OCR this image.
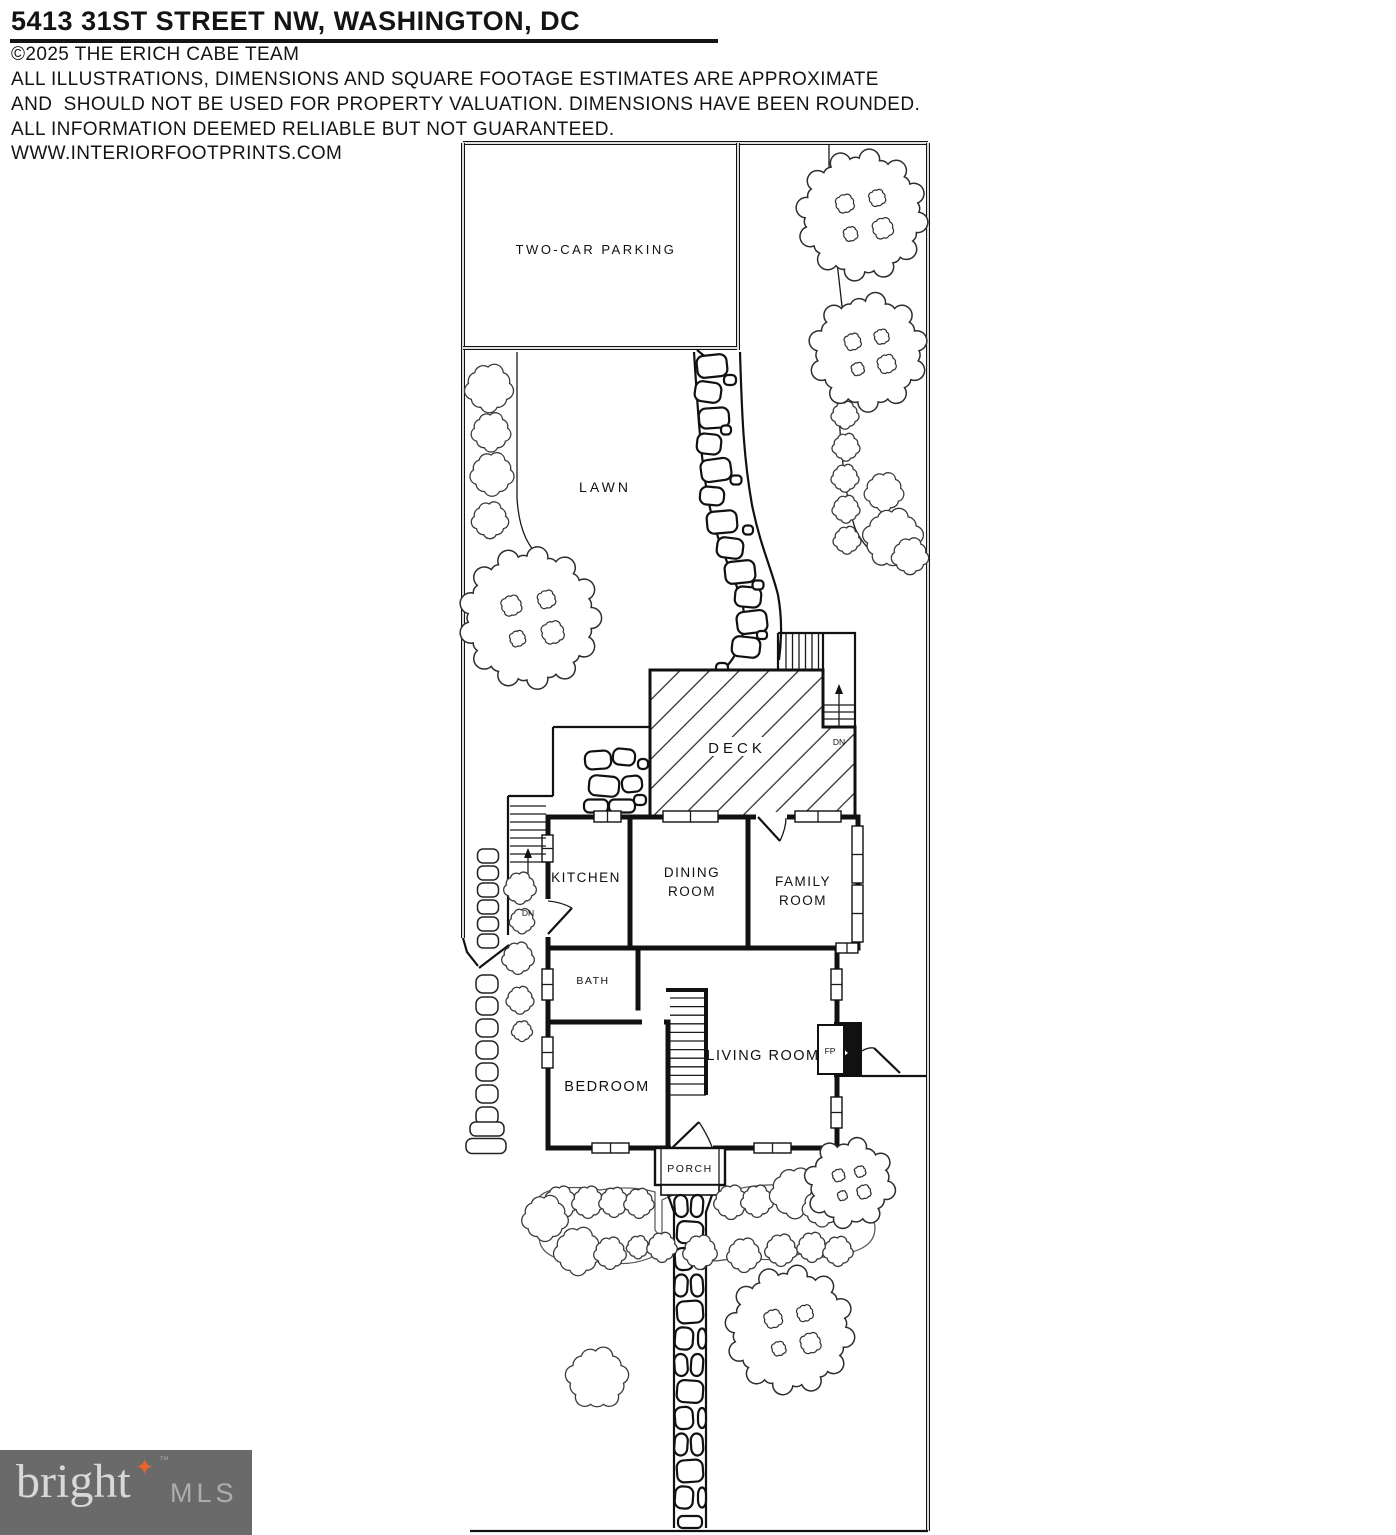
5413 31ST STREET NW, WASHINGTON, DC
©2025 THE ERICH CABE TEAM
ALL ILLUSTRATIONS, DIMENSIONS AND SQUARE FOOTAGE ESTIMATES ARE APPROXIMATE
AND  SHOULD NOT BE USED FOR PROPERTY VALUATION. DIMENSIONS HAVE BEEN ROUNDED.
ALL INFORMATION DEEMED RELIABLE BUT NOT GUARANTEED.
WWW.INTERIORFOOTPRINTS.COM
TWO-CAR PARKING
LAWN
DECK
KITCHEN	DINING
ROOM
FAMILY
ROOM
BATH
BEDROOM
LIVING ROOM
PORCH
FP
DN
DN
bright ✦ ™
MLS
